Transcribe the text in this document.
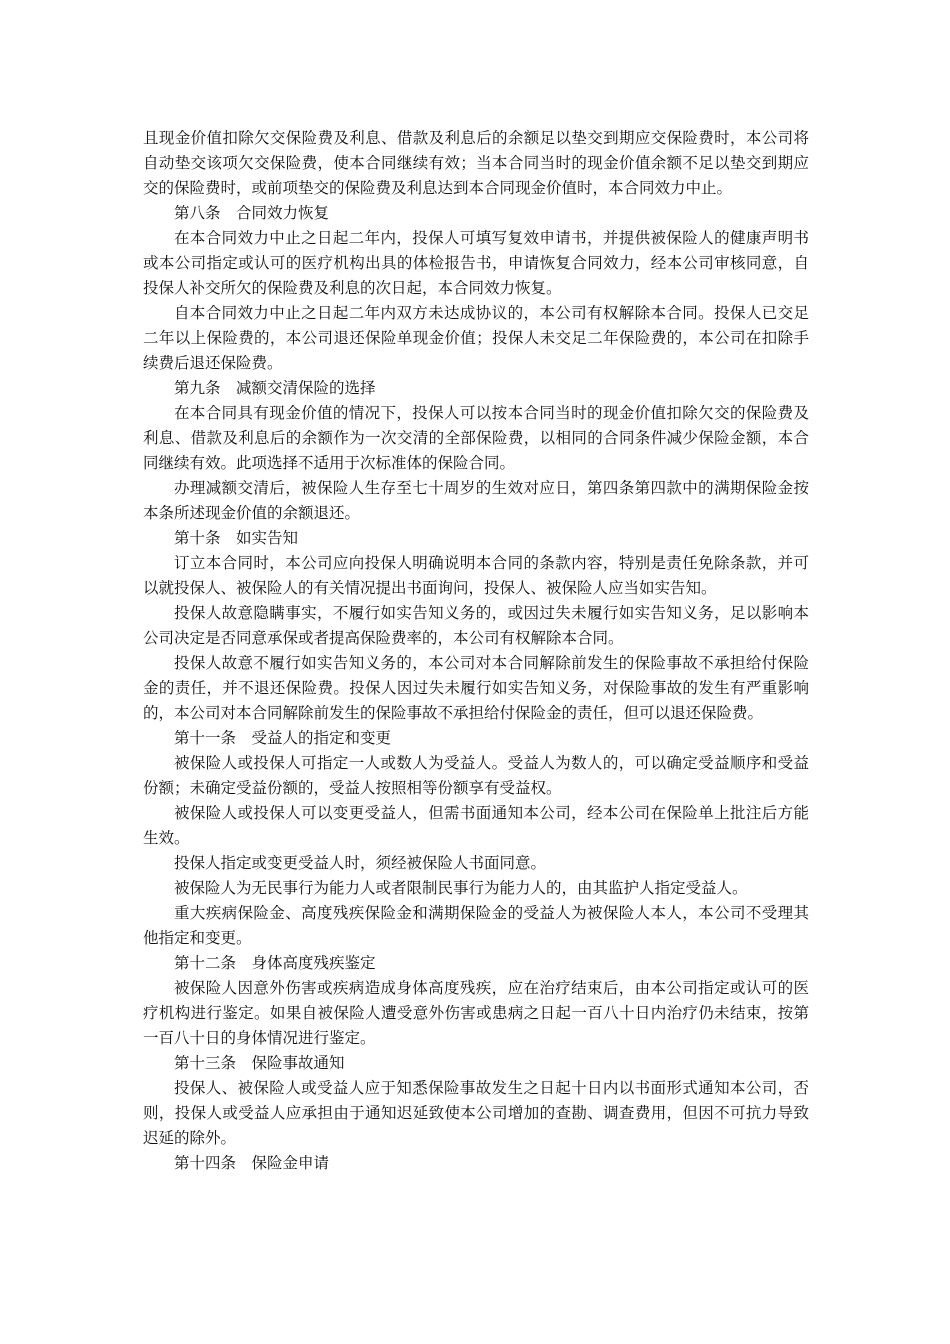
且现金价值扣除欠交保险费及利息、借款及利息后的余额足以垫交到期应交保险费时，本公司将自动垫交该项欠交保险费，使本合同继续有效；当本合同当时的现金价值余额不足以垫交到期应交的保险费时，或前项垫交的保险费及利息达到本合同现金价值时，本合同效力中止。

第八条　合同效力恢复

在本合同效力中止之日起二年内，投保人可填写复效申请书，并提供被保险人的健康声明书或本公司指定或认可的医疗机构出具的体检报告书，申请恢复合同效力，经本公司审核同意，自投保人补交所欠的保险费及利息的次日起，本合同效力恢复。

自本合同效力中止之日起二年内双方未达成协议的，本公司有权解除本合同。投保人已交足二年以上保险费的，本公司退还保险单现金价值；投保人未交足二年保险费的，本公司在扣除手续费后退还保险费。

第九条　减额交清保险的选择

在本合同具有现金价值的情况下，投保人可以按本合同当时的现金价值扣除欠交的保险费及利息、借款及利息后的余额作为一次交清的全部保险费，以相同的合同条件减少保险金额，本合同继续有效。此项选择不适用于次标准体的保险合同。

办理减额交清后，被保险人生存至七十周岁的生效对应日，第四条第四款中的满期保险金按本条所述现金价值的余额退还。

第十条　如实告知

订立本合同时，本公司应向投保人明确说明本合同的条款内容，特别是责任免除条款，并可以就投保人、被保险人的有关情况提出书面询问，投保人、被保险人应当如实告知。

投保人故意隐瞒事实，不履行如实告知义务的，或因过失未履行如实告知义务，足以影响本公司决定是否同意承保或者提高保险费率的，本公司有权解除本合同。

投保人故意不履行如实告知义务的，本公司对本合同解除前发生的保险事故不承担给付保险金的责任，并不退还保险费。投保人因过失未履行如实告知义务，对保险事故的发生有严重影响的，本公司对本合同解除前发生的保险事故不承担给付保险金的责任，但可以退还保险费。

第十一条　受益人的指定和变更

被保险人或投保人可指定一人或数人为受益人。受益人为数人的，可以确定受益顺序和受益份额；未确定受益份额的，受益人按照相等份额享有受益权。

被保险人或投保人可以变更受益人，但需书面通知本公司，经本公司在保险单上批注后方能生效。

投保人指定或变更受益人时，须经被保险人书面同意。

被保险人为无民事行为能力人或者限制民事行为能力人的，由其监护人指定受益人。

重大疾病保险金、高度残疾保险金和满期保险金的受益人为被保险人本人，本公司不受理其他指定和变更。

第十二条　身体高度残疾鉴定

被保险人因意外伤害或疾病造成身体高度残疾，应在治疗结束后，由本公司指定或认可的医疗机构进行鉴定。如果自被保险人遭受意外伤害或患病之日起一百八十日内治疗仍未结束，按第一百八十日的身体情况进行鉴定。

第十三条　保险事故通知

投保人、被保险人或受益人应于知悉保险事故发生之日起十日内以书面形式通知本公司，否则，投保人或受益人应承担由于通知迟延致使本公司增加的查勘、调查费用，但因不可抗力导致迟延的除外。

第十四条　保险金申请
